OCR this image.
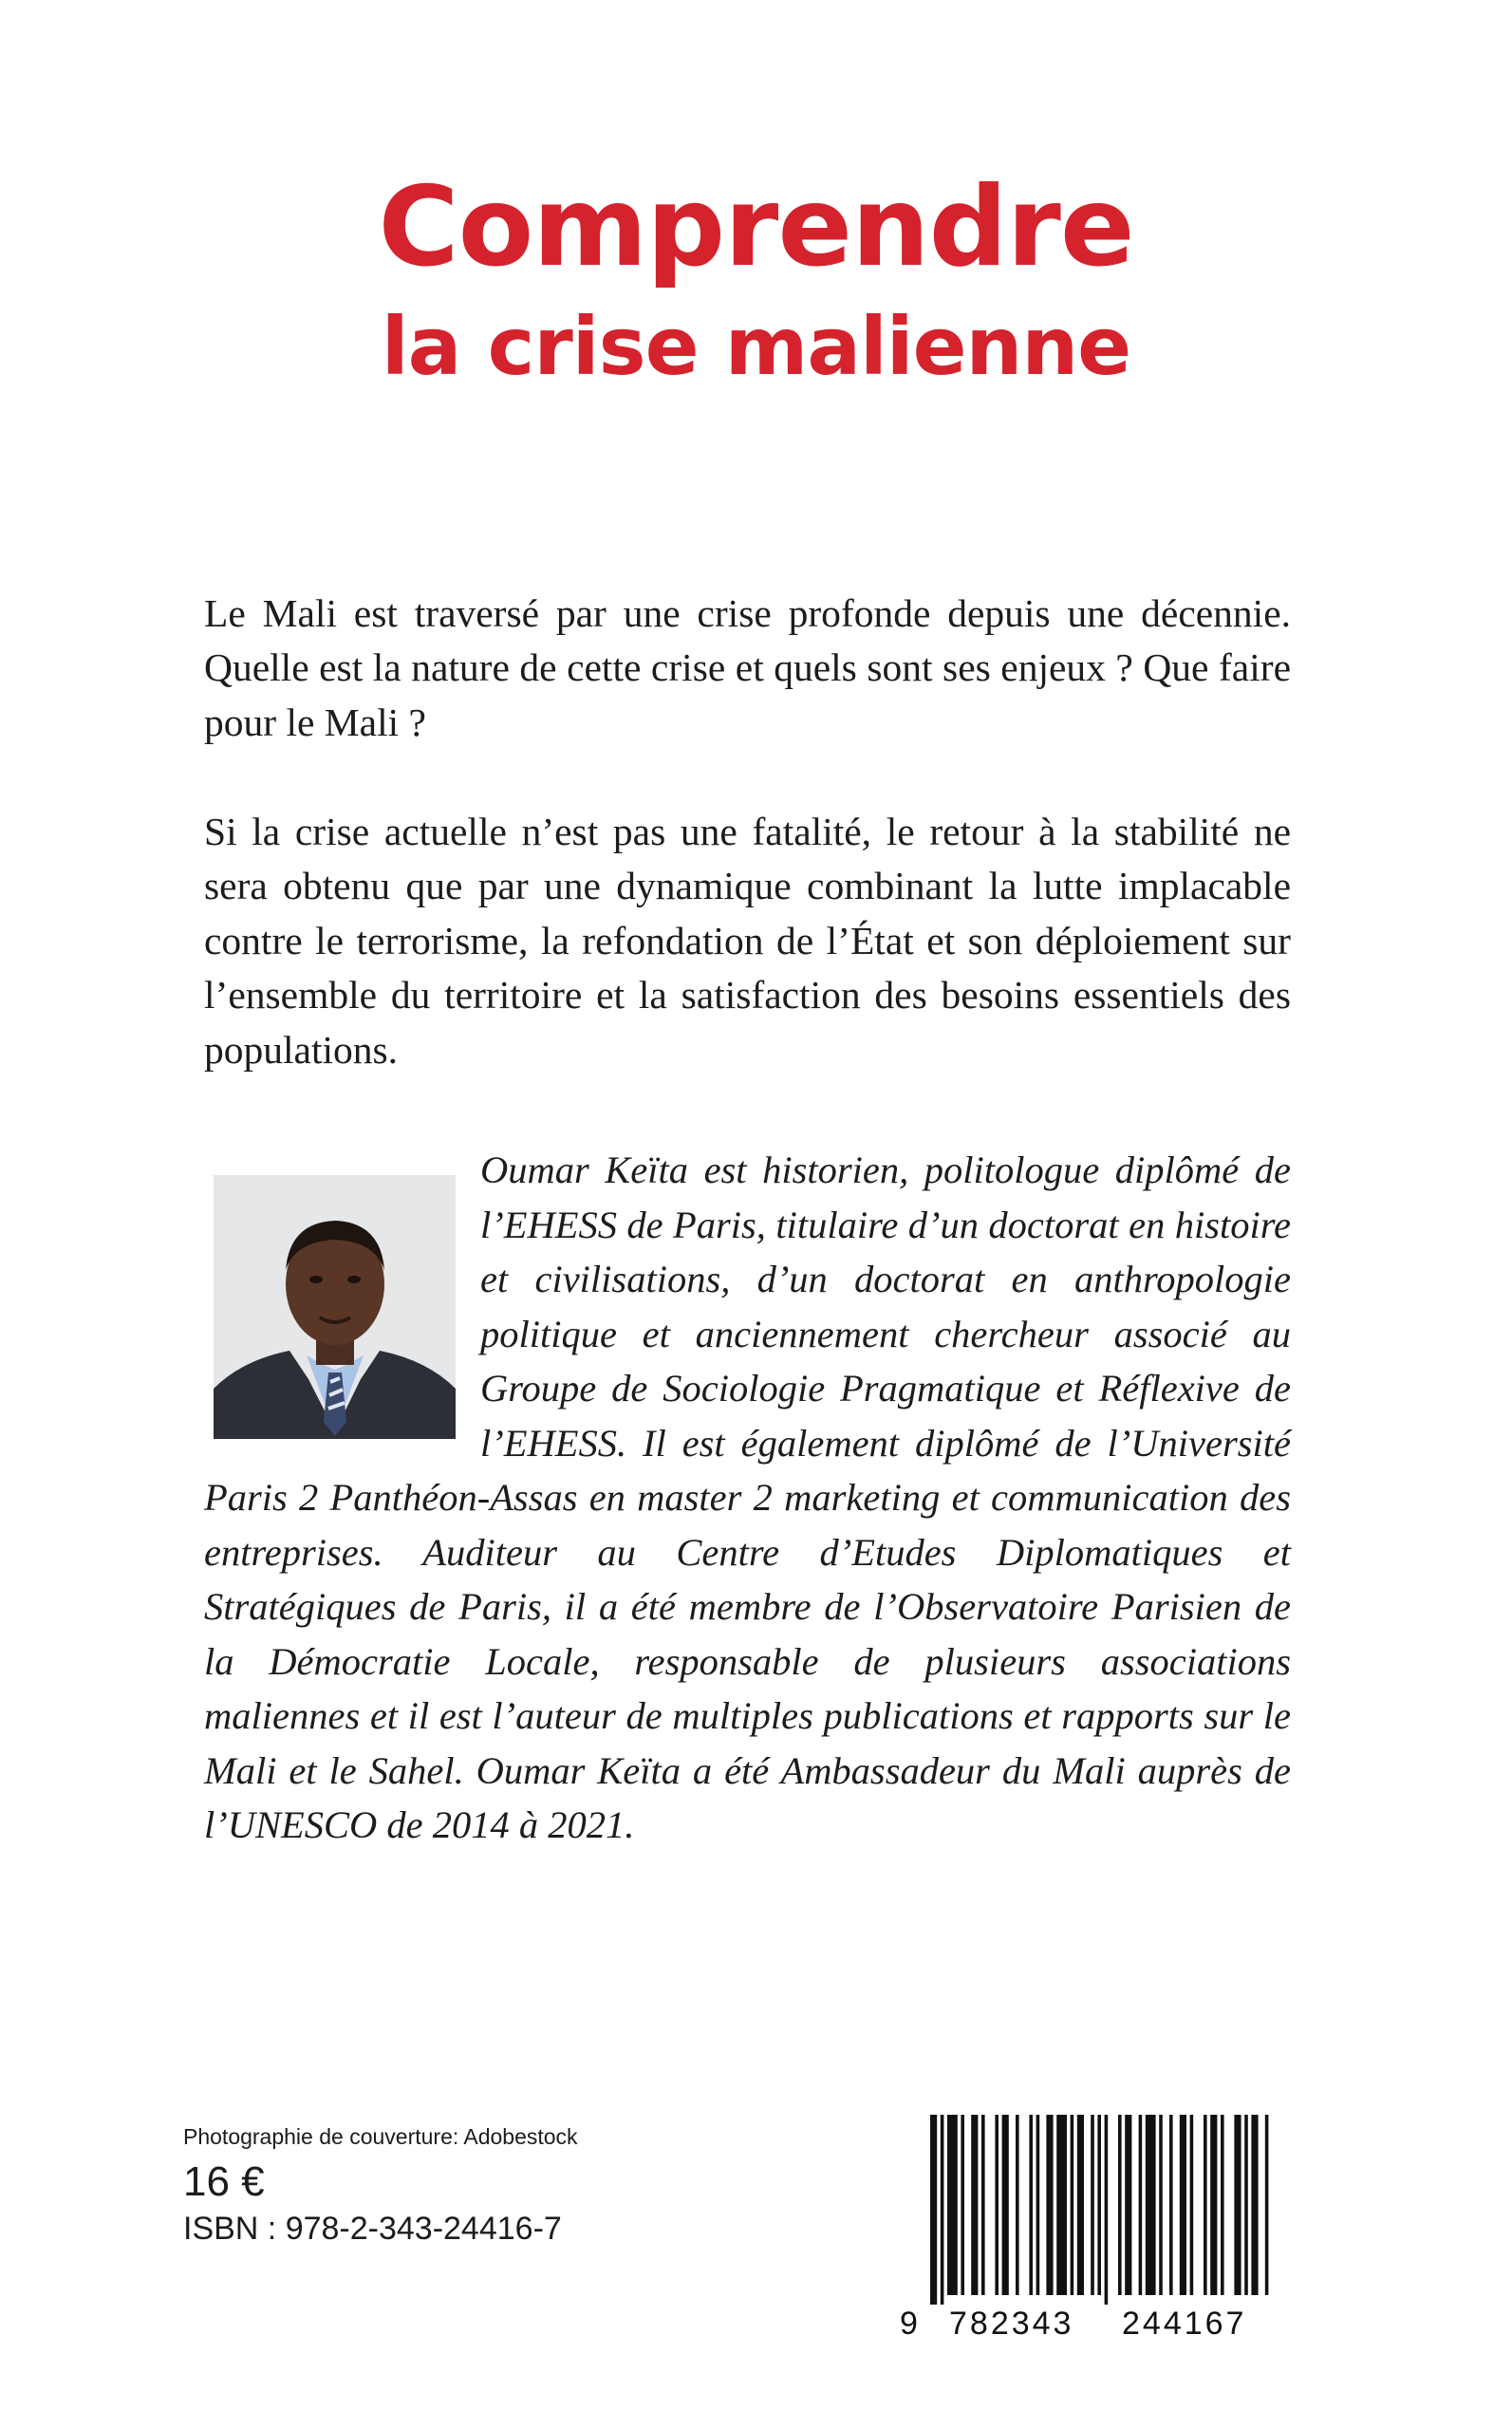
Comprendre
la crise malienne

Le Mali est traversé par une crise profonde depuis une décennie. Quelle est la nature de cette crise et quels sont ses enjeux ? Que faire pour le Mali ?

Si la crise actuelle n’est pas une fatalité, le retour à la stabilité ne sera obtenu que par une dynamique combinant la lutte implacable contre le terrorisme, la refondation de l’État et son déploiement sur l’ensemble du territoire et la satisfaction des besoins essentiels des populations.

Oumar Keïta est historien, politologue diplômé de l’EHESS de Paris, titulaire d’un doctorat en histoire et civilisations, d’un doctorat en anthropologie politique et anciennement chercheur associé au Groupe de Sociologie Pragmatique et Réflexive de l’EHESS. Il est également diplômé de l’Université Paris 2 Panthéon-Assas en master 2 marketing et communication des entreprises. Auditeur au Centre d’Etudes Diplomatiques et Stratégiques de Paris, il a été membre de l’Observatoire Parisien de la Démocratie Locale, responsable de plusieurs associations maliennes et il est l’auteur de multiples publications et rapports sur le Mali et le Sahel. Oumar Keïta a été Ambassadeur du Mali auprès de l’UNESCO de 2014 à 2021.

Photographie de couverture: Adobestock
16 €
ISBN : 978-2-343-24416-7
9 782343 244167
